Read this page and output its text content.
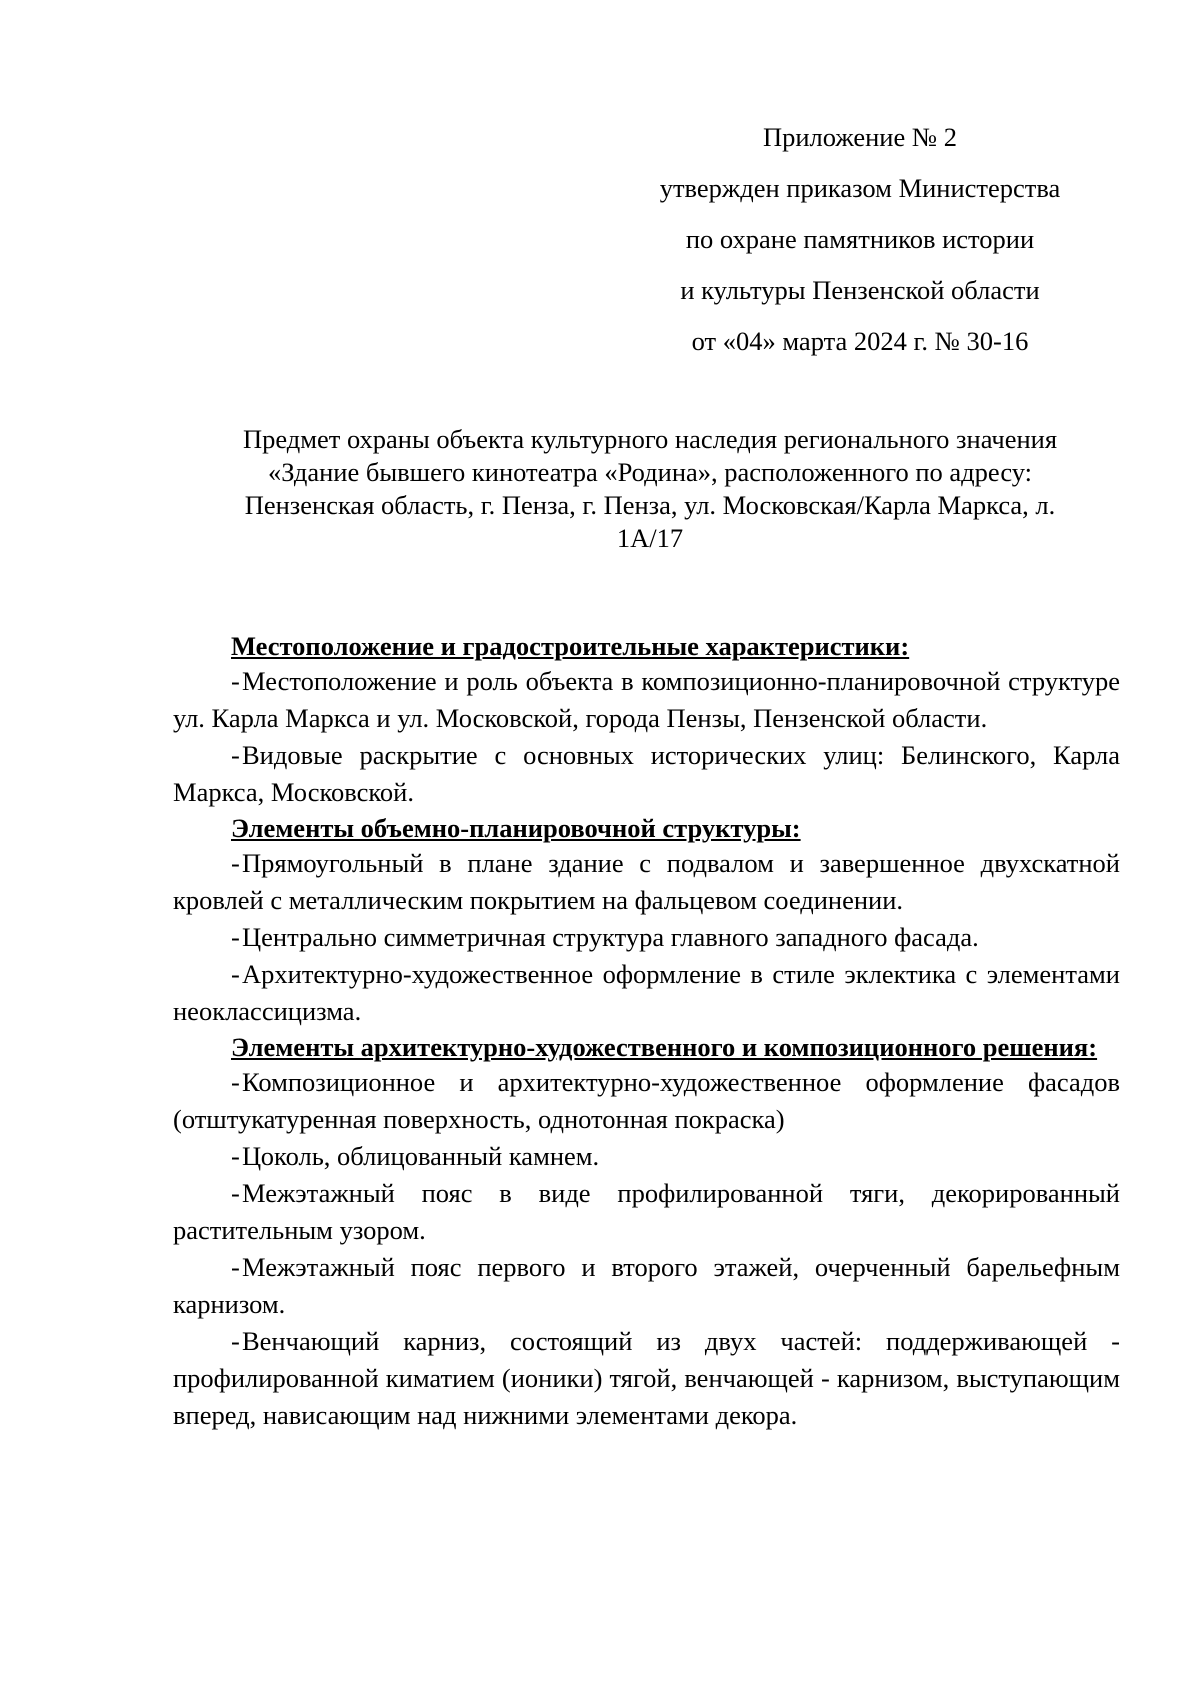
Приложение № 2
утвержден приказом Министерства
по охране памятников истории
и культуры Пензенской области
от «04» марта 2024 г. № 30-16
Предмет охраны объекта культурного наследия регионального значения
«Здание бывшего кинотеатра «Родина», расположенного по адресу:
Пензенская область, г. Пенза, г. Пенза, ул. Московская/Карла Маркса, л.
1А/17

Местоположение и градостроительные характеристики:

-Местоположение и роль объекта в композиционно-планировочной структуре ул. Карла Маркса и ул. Московской, города Пензы, Пензенской области.

-Видовые раскрытие с основных исторических улиц: Белинского, Карла Маркса, Московской.

Элементы объемно-планировочной структуры:

-Прямоугольный в плане здание с подвалом и завершенное двухскатной кровлей с металлическим покрытием на фальцевом соединении.

-Центрально симметричная структура главного западного фасада.

-Архитектурно-художественное оформление в стиле эклектика с элементами неоклассицизма.

Элементы архитектурно-художественного и композиционного решения:

-Композиционное и архитектурно-художественное оформление фасадов (отштукатуренная поверхность, однотонная покраска)

-Цоколь, облицованный камнем.

-Межэтажный пояс в виде профилированной тяги, декорированный растительным узором.

-Межэтажный пояс первого и второго этажей, очерченный барельефным карнизом.

-Венчающий карниз, состоящий из двух частей: поддерживающей - профилированной киматием (ионики) тягой, венчающей - карнизом, выступающим вперед, нависающим над нижними элементами декора.
